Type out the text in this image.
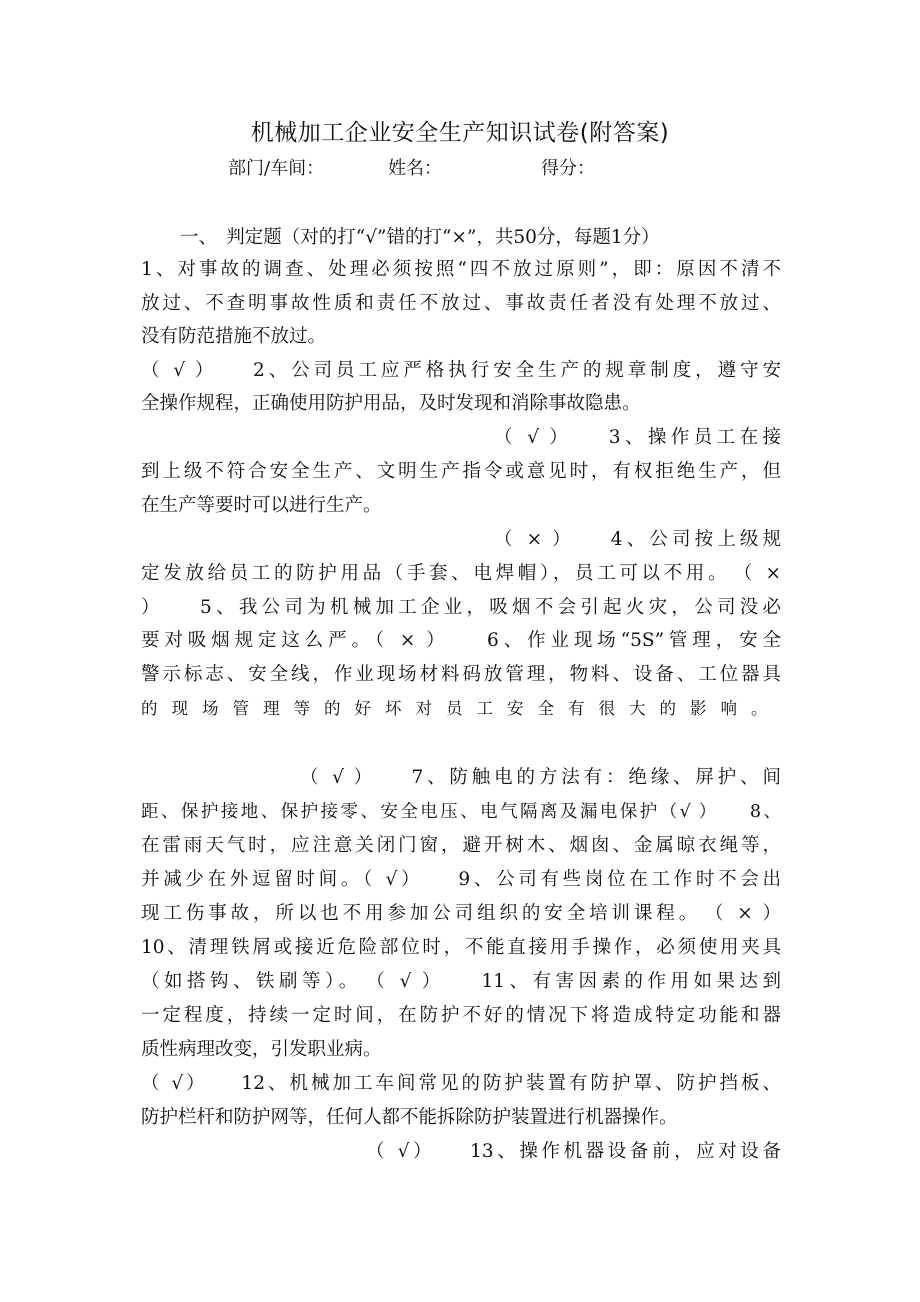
机械加工企业安全生产知识试卷(附答案)
部门/车间：	姓名：	得分：
一、　判定题（对的打“√”错的打“×”，共50分，每题1分）
1、对事故的调查、处理必须按照“四不放过原则”，即：原因不清不
放过、不查明事故性质和责任不放过、事故责任者没有处理不放过、
没有防范措施不放过。
（ √ ）　　2、公司员工应严格执行安全生产的规章制度，遵守安
全操作规程，正确使用防护用品，及时发现和消除事故隐患。
（ √ ）　　3、操作员工在接
到上级不符合安全生产、文明生产指令或意见时，有权拒绝生产，但
在生产等要时可以进行生产。
（ × ）　　4、公司按上级规
定发放给员工的防护用品（手套、电焊帽），员工可以不用。　（ ×
）　　5、我公司为机械加工企业，吸烟不会引起火灾，公司没必
要对吸烟规定这么严。（ × ）　　6、作业现场“5S”管理，安全
警示标志、安全线，作业现场材料码放管理，物料、设备、工位器具
的现场管理等的好坏对员工安全有很大的影响。
（ √ ）　　7、防触电的方法有：绝缘、屏护、间
距、保护接地、保护接零、安全电压、电气隔离及漏电保护（√ ）　　8、
在雷雨天气时，应注意关闭门窗，避开树木、烟囱、金属晾衣绳等，
并减少在外逗留时间。（ √）　　9、公司有些岗位在工作时不会出
现工伤事故，所以也不用参加公司组织的安全培训课程。　（ × ）
10、清理铁屑或接近危险部位时，不能直接用手操作，必须使用夹具
（如搭钩、铁刷等）。　（ √ ）　　11、有害因素的作用如果达到
一定程度，持续一定时间，在防护不好的情况下将造成特定功能和器
质性病理改变，引发职业病。
（ √）　　12、机械加工车间常见的防护装置有防护罩、防护挡板、
防护栏杆和防护网等，任何人都不能拆除防护装置进行机器操作。
（ √）　　13、操作机器设备前，应对设备
